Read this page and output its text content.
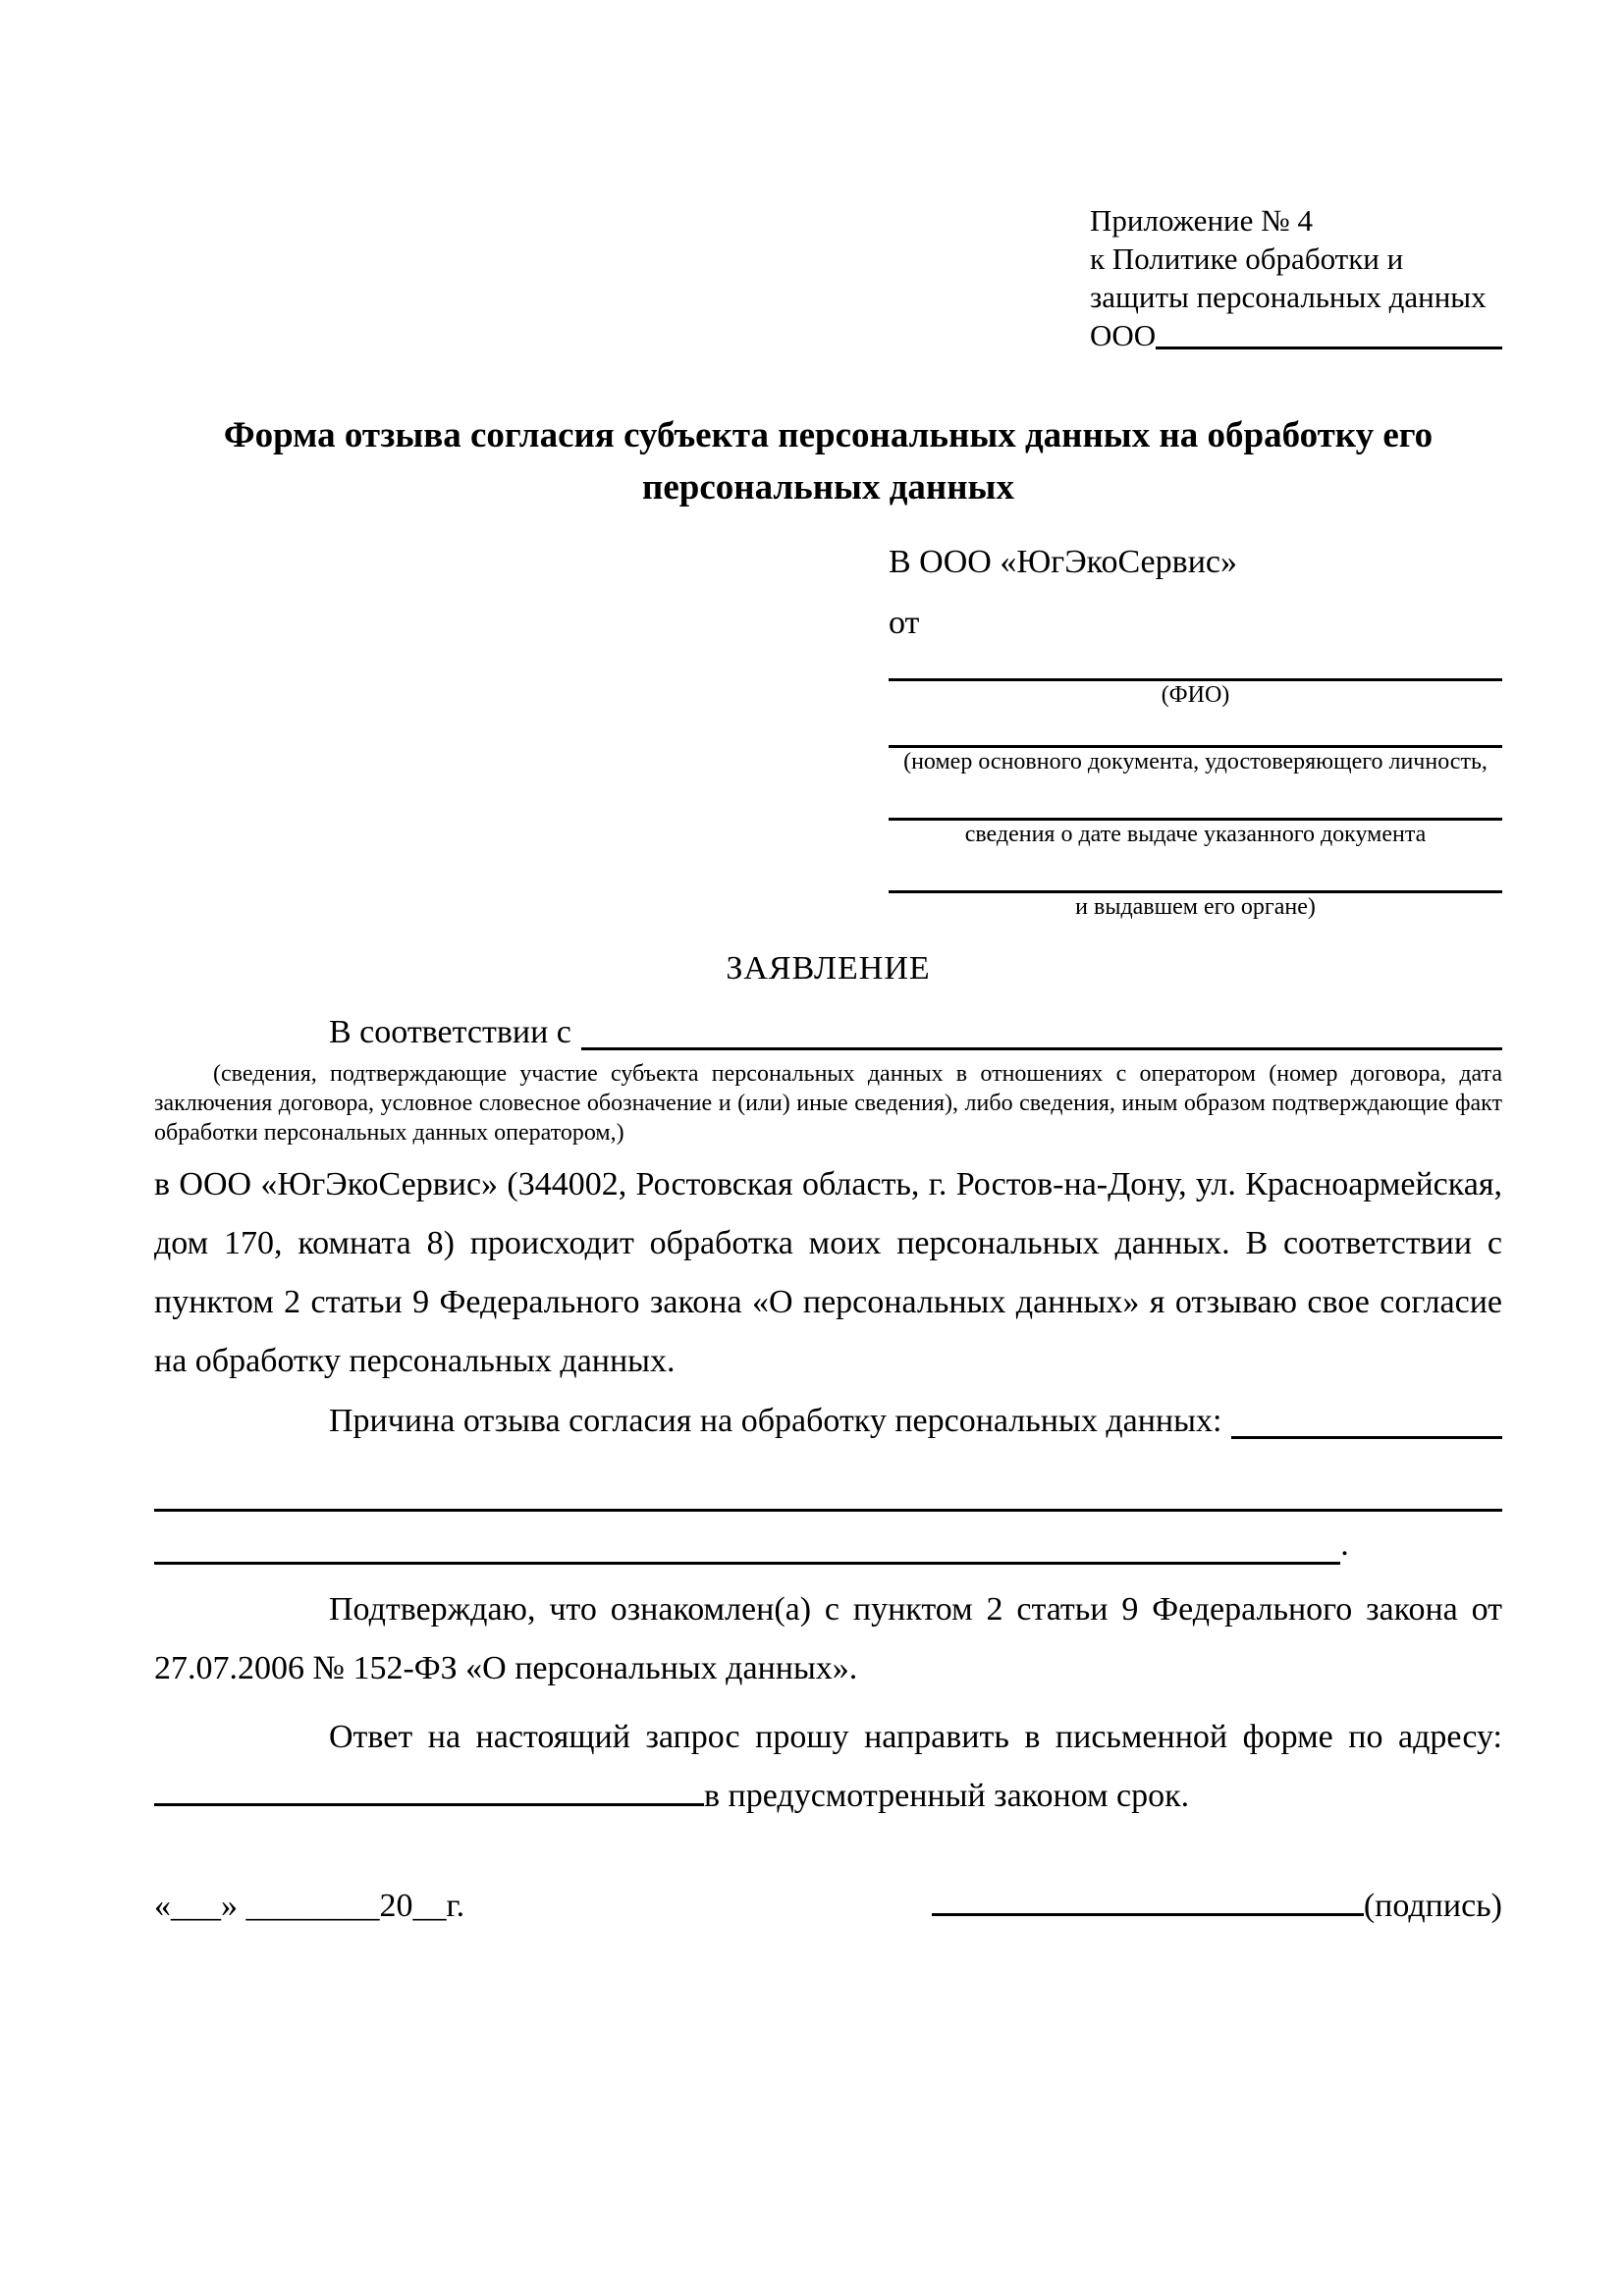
Приложение № 4
к Политике обработки и
защиты персональных данных
ООО
Форма отзыва согласия субъекта персональных данных на обработку его персональных данных
В ООО «ЮгЭкоСервис»
от
(ФИО)
(номер основного документа, удостоверяющего личность,
сведения о дате выдаче указанного документа
и выдавшем его органе)
ЗАЯВЛЕНИЕ
В соответствии с
(сведения, подтверждающие участие субъекта персональных данных в отношениях с оператором (номер договора, дата заключения договора, условное словесное обозначение и (или) иные сведения), либо сведения, иным образом подтверждающие факт обработки персональных данных оператором,)
в ООО «ЮгЭкоСервис» (344002, Ростовская область, г. Ростов-на-Дону, ул. Красноармейская, дом 170, комната 8) происходит обработка моих персональных данных. В соответствии с пунктом 2 статьи 9 Федерального закона «О персональных данных» я отзываю свое согласие на обработку персональных данных.
Причина отзыва согласия на обработку персональных данных:
.
Подтверждаю, что ознакомлен(а) с пунктом 2 статьи 9 Федерального закона от 27.07.2006 № 152-ФЗ «О персональных данных».
Ответ на настоящий запрос прошу направить в письменной форме по адресу:
в предусмотренный законом срок.
«___» ________20__г.	(подпись)
